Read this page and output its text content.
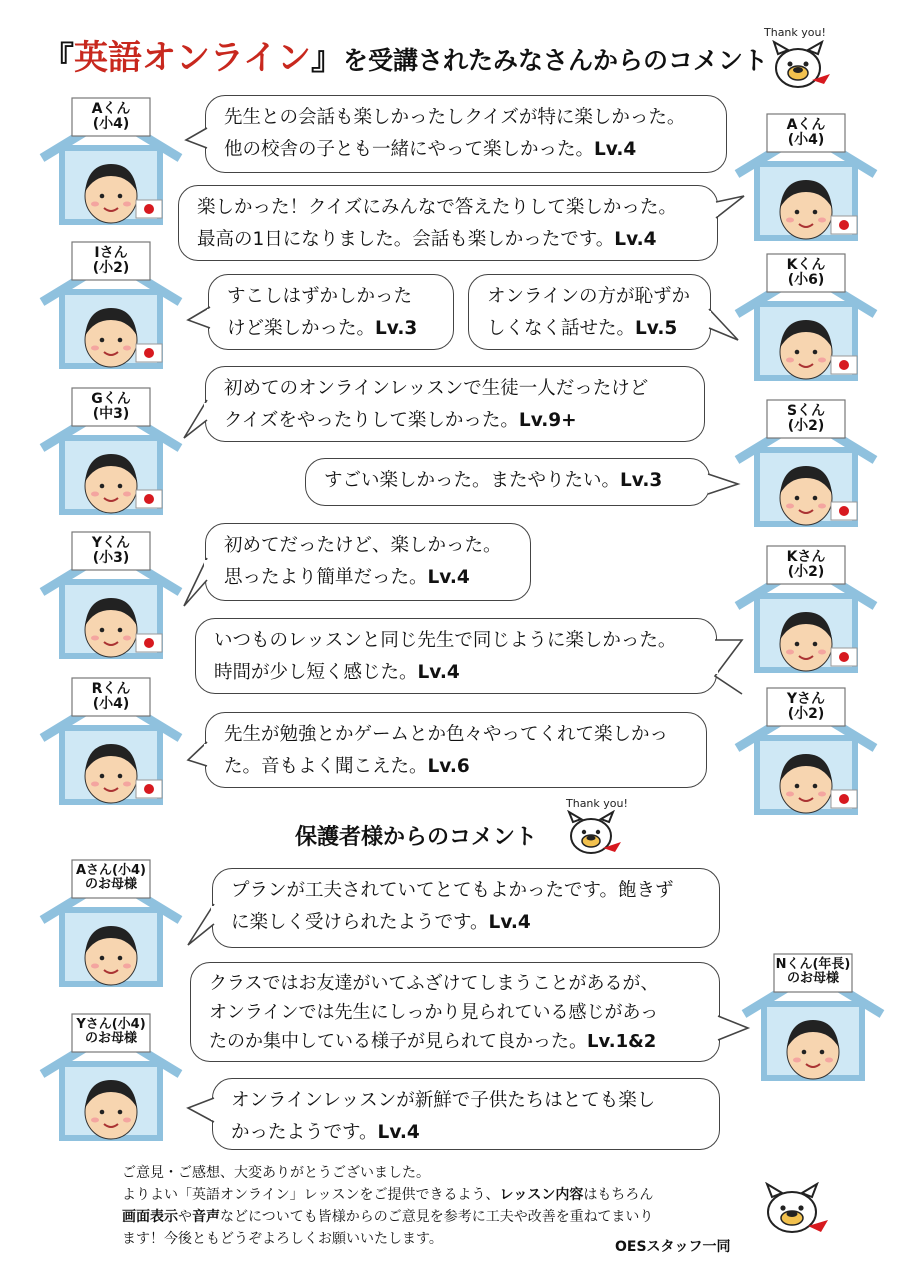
『英語オンライン』を受講されたみなさんからのコメント
Thank you!
Aくん
(小4)
Iさん
(小2)
Gくん
(中3)
Yくん
(小3)
Rくん
(小4)
Aくん
(小4)
Kくん
(小6)
Sくん
(小2)
Kさん
(小2)
Yさん
(小2)
Aさん(小4)
のお母様
Yさん(小4)
のお母様
Nくん(年長)
のお母様
先生との会話も楽しかったしクイズが特に楽しかった。
他の校舎の子とも一緒にやって楽しかった。Lv.4
楽しかった！クイズにみんなで答えたりして楽しかった。
最高の1日になりました。会話も楽しかったです。Lv.4
すこしはずかしかった
けど楽しかった。Lv.3
オンラインの方が恥ずか
しくなく話せた。Lv.5
初めてのオンラインレッスンで生徒一人だったけど
クイズをやったりして楽しかった。Lv.9+
すごい楽しかった。またやりたい。Lv.3
初めてだったけど、楽しかった。
思ったより簡単だった。Lv.4
いつものレッスンと同じ先生で同じように楽しかった。
時間が少し短く感じた。Lv.4
先生が勉強とかゲームとか色々やってくれて楽しかっ
た。音もよく聞こえた。Lv.6
保護者様からのコメント
Thank you!
プランが工夫されていてとてもよかったです。飽きず
に楽しく受けられたようです。Lv.4
クラスではお友達がいてふざけてしまうことがあるが、
オンラインでは先生にしっかり見られている感じがあっ
たのか集中している様子が見られて良かった。Lv.1&2
オンラインレッスンが新鮮で子供たちはとても楽し
かったようです。Lv.4
ご意見・ご感想、大変ありがとうございました。
よりよい「英語オンライン」レッスンをご提供できるよう、レッスン内容はもちろん
画面表示や音声などについても皆様からのご意見を参考に工夫や改善を重ねてまいり
ます！今後ともどうぞよろしくお願いいたします。	OESスタッフ一同
